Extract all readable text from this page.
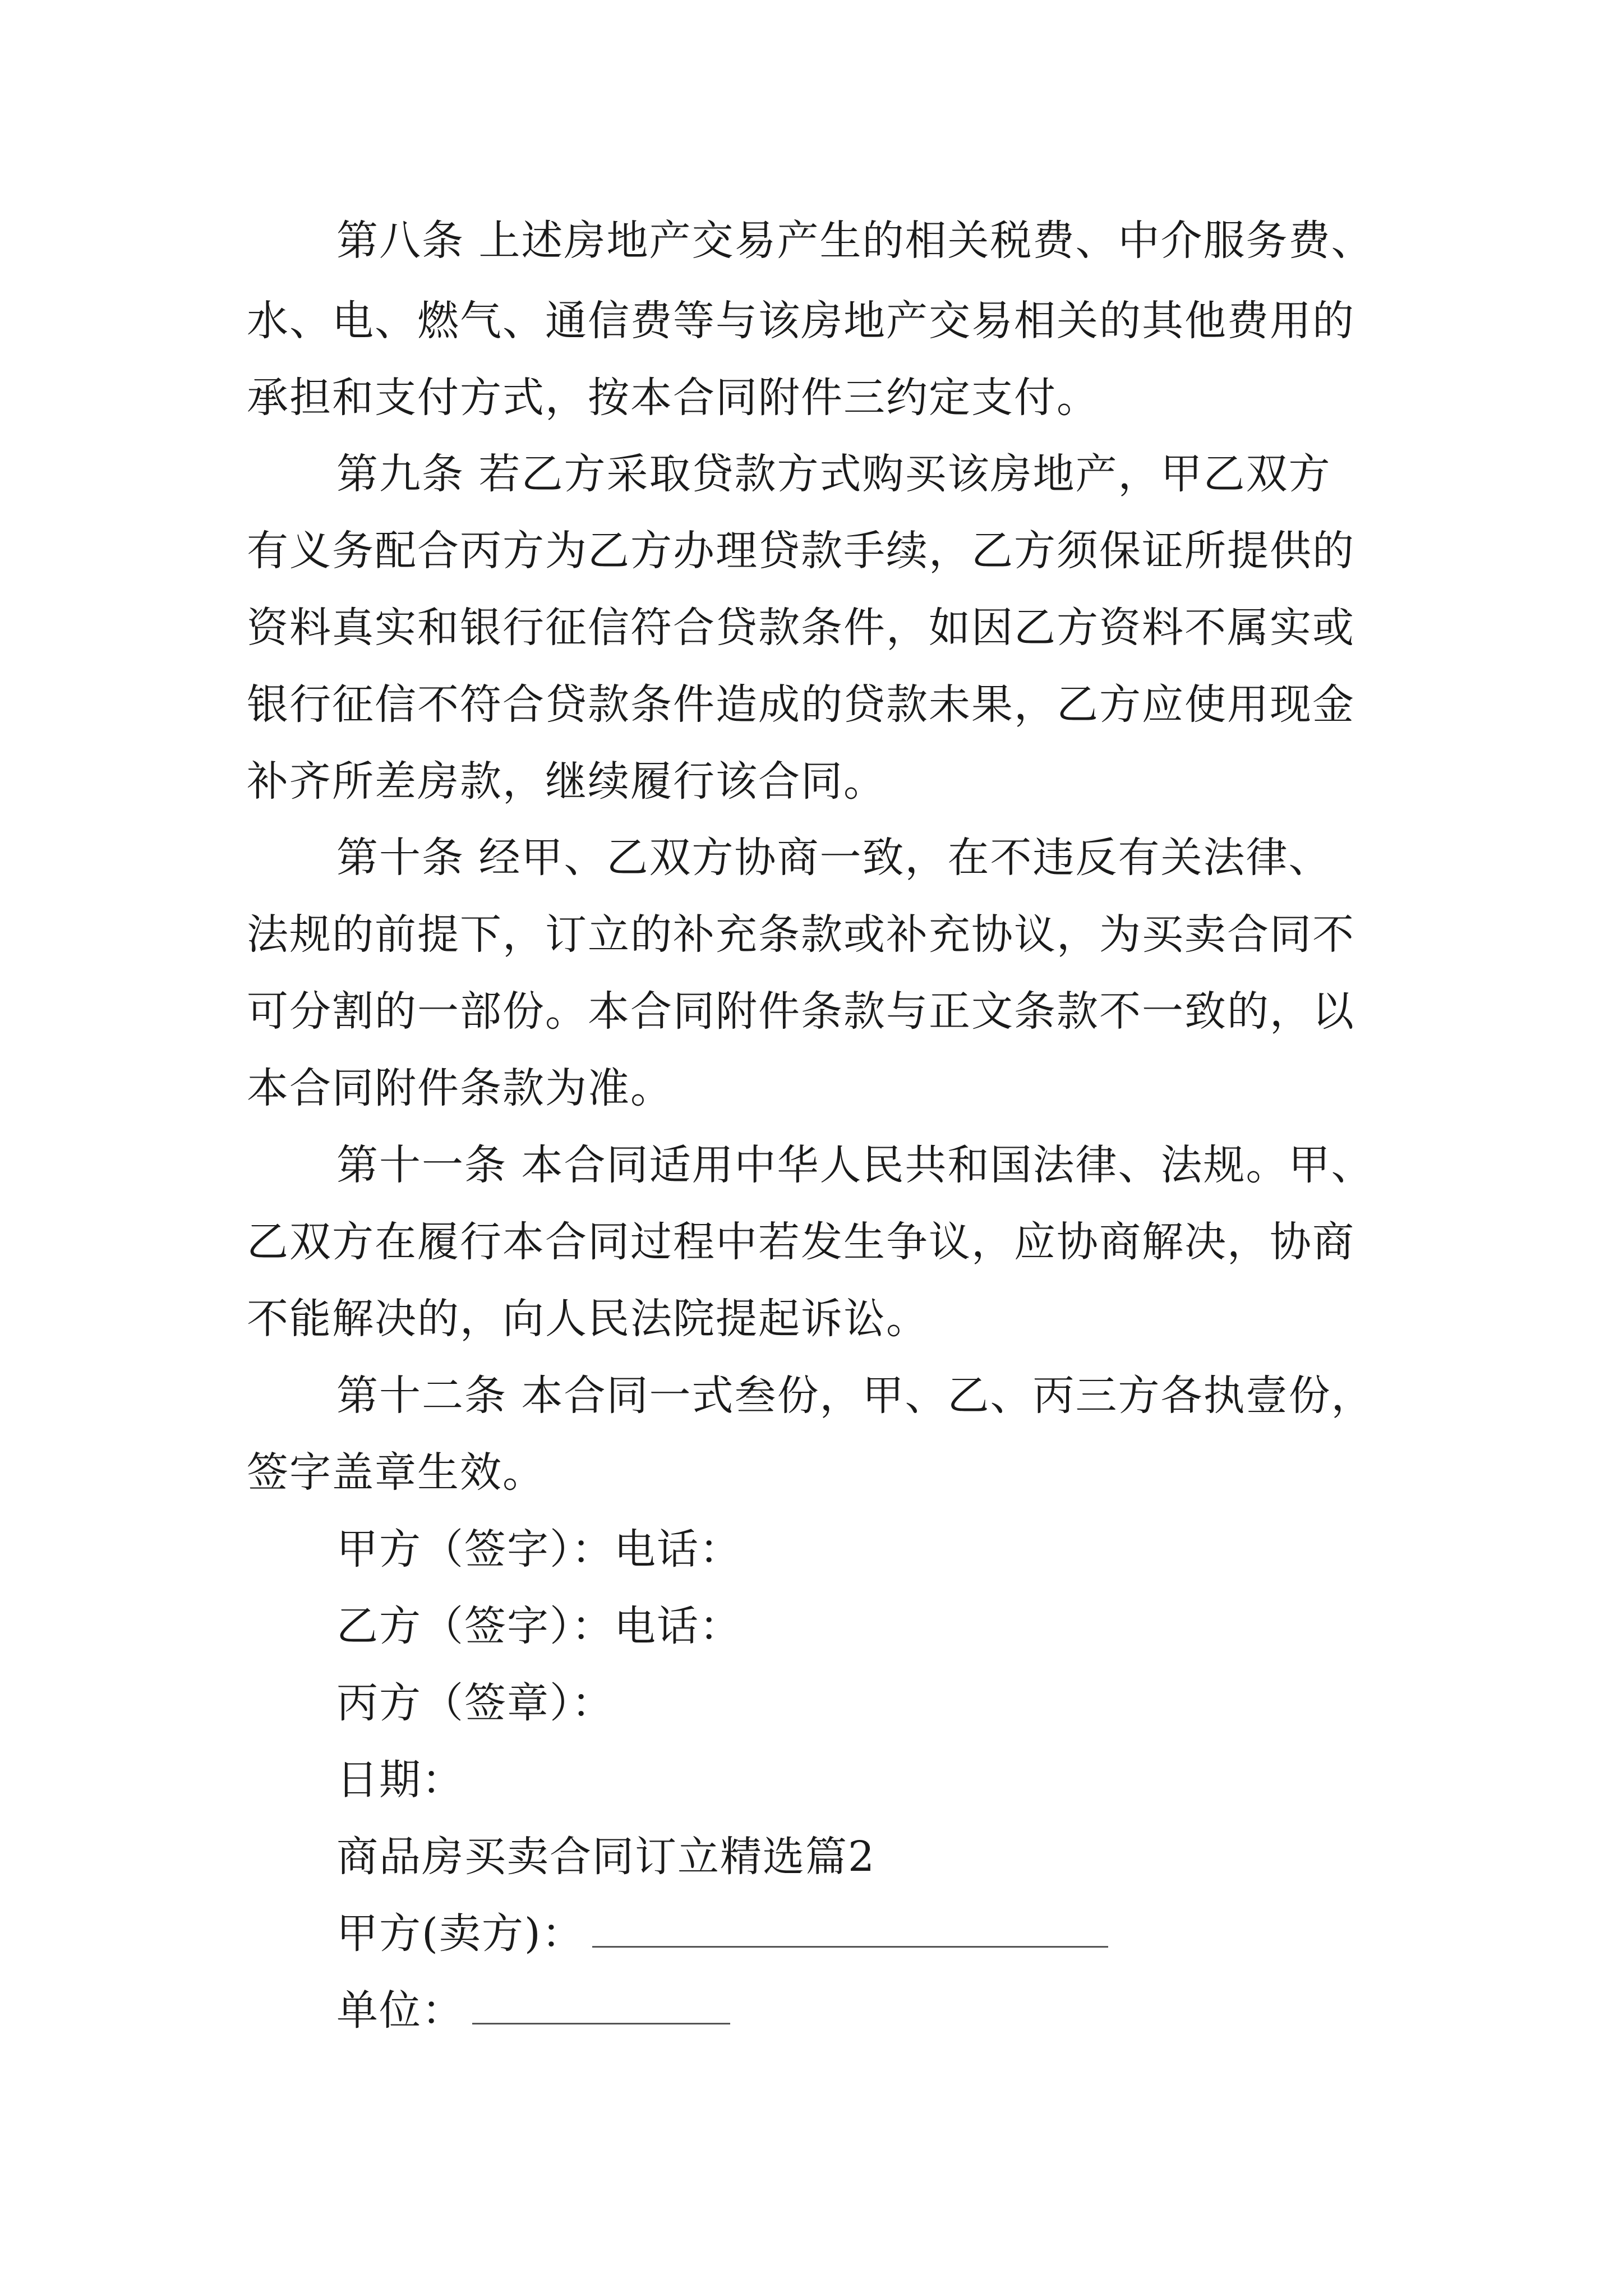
第八条 上述房地产交易产生的相关税费、中介服务费、
水、电、燃气、通信费等与该房地产交易相关的其他费用的
承担和支付方式，按本合同附件三约定支付。
第九条 若乙方采取贷款方式购买该房地产，甲乙双方
有义务配合丙方为乙方办理贷款手续，乙方须保证所提供的
资料真实和银行征信符合贷款条件，如因乙方资料不属实或
银行征信不符合贷款条件造成的贷款未果，乙方应使用现金
补齐所差房款，继续履行该合同。
第十条 经甲、乙双方协商一致，在不违反有关法律、
法规的前提下，订立的补充条款或补充协议，为买卖合同不
可分割的一部份。本合同附件条款与正文条款不一致的，以
本合同附件条款为准。
第十一条 本合同适用中华人民共和国法律、法规。甲、
乙双方在履行本合同过程中若发生争议，应协商解决，协商
不能解决的，向人民法院提起诉讼。
第十二条 本合同一式叁份，甲、乙、丙三方各执壹份，
签字盖章生效。
甲方（签字）：电话：
乙方（签字）：电话：
丙方（签章）：
日期：
商品房买卖合同订立精选篇2
甲方(卖方)：
单位：
